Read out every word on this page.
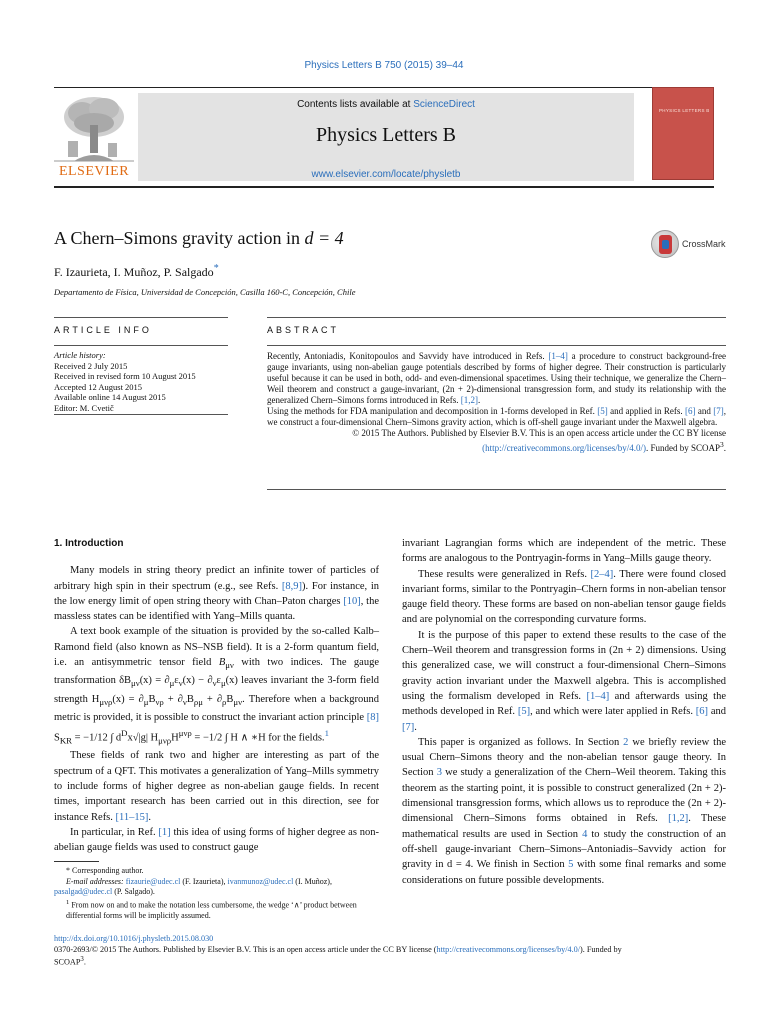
Physics Letters B 750 (2015) 39–44
ELSEVIER
Contents lists available at ScienceDirect
Physics Letters B
www.elsevier.com/locate/physletb
PHYSICS LETTERS B
A Chern–Simons gravity action in d = 4	CrossMark
F. Izaurieta, I. Muñoz, P. Salgado*
Departamento de Física, Universidad de Concepción, Casilla 160-C, Concepción, Chile
ARTICLE INFO	ABSTRACT
Article history:
Received 2 July 2015
Received in revised form 10 August 2015
Accepted 12 August 2015
Available online 14 August 2015
Editor: M. Cvetič

Recently, Antoniadis, Konitopoulos and Savvidy have introduced in Refs. [1–4] a procedure to construct background-free gauge invariants, using non-abelian gauge potentials described by forms of higher degree. Their construction is particularly useful because it can be used in both, odd- and even-dimensional spacetimes. Using their technique, we generalize the Chern–Weil theorem and construct a gauge-invariant, (2n + 2)-dimensional transgression form, and study its relationship with the generalized Chern–Simons forms introduced in Refs. [1,2].

Using the methods for FDA manipulation and decomposition in 1-forms developed in Ref. [5] and applied in Refs. [6] and [7], we construct a four-dimensional Chern–Simons gravity action, which is off-shell gauge invariant under the Maxwell algebra.

© 2015 The Authors. Published by Elsevier B.V. This is an open access article under the CC BY license
(http://creativecommons.org/licenses/by/4.0/). Funded by SCOAP$^3$.

1. Introduction

Many models in string theory predict an infinite tower of particles of arbitrary high spin in their spectrum (e.g., see Refs. [8,9]). For instance, in the low energy limit of open string theory with Chan–Paton charges [10], the massless states can be identified with Yang–Mills quanta.

A text book example of the situation is provided by the so-called Kalb–Ramond field (also known as NS–NSB field). It is a 2-form quantum field, i.e. an antisymmetric tensor field $B_{\mu\nu}$ with two indices. The gauge transformation $\delta B_{\mu\nu}(x) = \partial_\mu\varepsilon_\nu(x) - \partial_\nu\varepsilon_\mu(x)$ leaves invariant the 3-form field strength $H_{\mu\nu\rho}(x) = \partial_\mu B_{\nu\rho} + \partial_\nu B_{\rho\mu} + \partial_\rho B_{\mu\nu}$. Therefore when a background metric is provided, it is possible to construct the invariant action principle [8] $S_{KR} = -1/12$ ∫ $d^Dx√|g|$ $H_{\mu\nu\rho}H^{\mu\nu\rho} = -1/2$ ∫ H ∧ ∗H for the fields.$^1$

These fields of rank two and higher are interesting as part of the spectrum of a QFT. This motivates a generalization of Yang–Mills symmetry to include forms of higher degree as non-abelian gauge fields. In recent times, important research has been carried out in this direction, see for instance Refs. [11–15].

In particular, in Ref. [1] this idea of using forms of higher degree as non-abelian gauge fields was used to construct gauge

invariant Lagrangian forms which are independent of the metric. These forms are analogous to the Pontryagin-forms in Yang–Mills gauge theory.

These results were generalized in Refs. [2–4]. There were found closed invariant forms, similar to the Pontryagin–Chern forms in non-abelian tensor gauge field theory. These forms are based on non-abelian tensor gauge fields and are polynomial on the corresponding curvature forms.

It is the purpose of this paper to extend these results to the case of the Chern–Weil theorem and transgression forms in (2n + 2) dimensions. Using this generalized case, we will construct a four-dimensional Chern–Simons gravity action invariant under the Maxwell algebra. This is accomplished using the formalism developed in Refs. [1–4] and afterwards using the methods developed in Ref. [5], and which were later applied in Refs. [6] and [7].

This paper is organized as follows. In Section 2 we briefly review the usual Chern–Simons theory and the non-abelian tensor gauge theory. In Section 3 we study a generalization of the Chern–Weil theorem. Taking this theorem as the starting point, it is possible to construct generalized (2n + 2)-dimensional transgression forms, which allows us to reproduce the (2n + 2)-dimensional Chern–Simons forms obtained in Refs. [1,2]. These mathematical results are used in Section 4 to study the construction of an off-shell gauge-invariant Chern–Simons–Antoniadis–Savvidy action for gravity in d = 4. We finish in Section 5 with some final remarks and some considerations on future possible developments.

* Corresponding author.
E-mail addresses: fizaurie@udec.cl (F. Izaurieta), ivanmunoz@udec.cl (I. Muñoz),
pasalgad@udec.cl (P. Salgado).
$^1$ From now on and to make the notation less cumbersome, the wedge ‘∧’ product between differential forms will be implicitly assumed.
http://dx.doi.org/10.1016/j.physletb.2015.08.030
0370-2693/© 2015 The Authors. Published by Elsevier B.V. This is an open access article under the CC BY license (http://creativecommons.org/licenses/by/4.0/). Funded by
SCOAP$^3$.
